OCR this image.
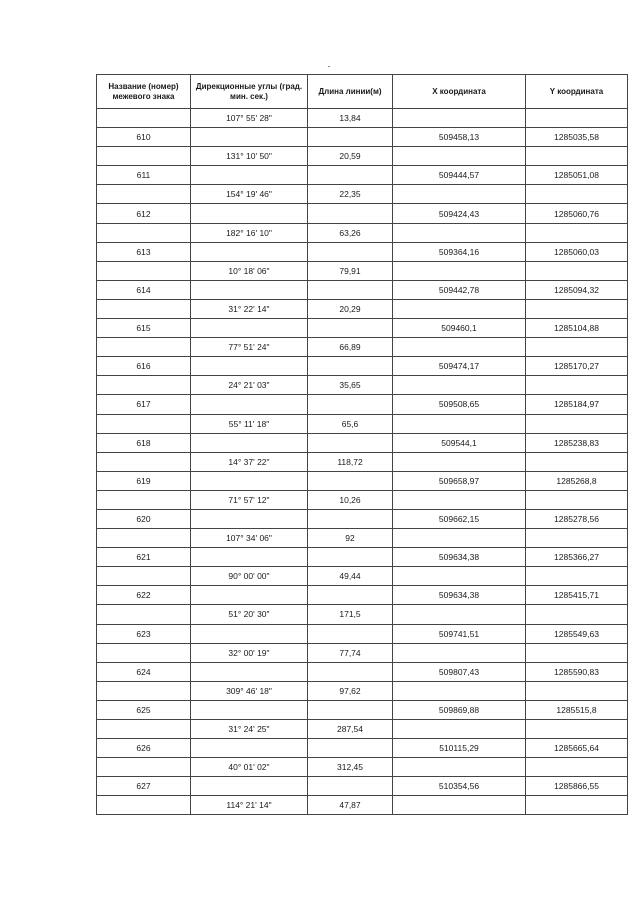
Название (номер) межевого знака	Дирекционные углы (град. мин. сек.)	Длина линии(м)	X координата	Y координата
	107° 55' 28"	13,84		
610			509458,13	1285035,58
	131° 10' 50"	20,59		
611			509444,57	1285051,08
	154° 19' 46"	22,35		
612			509424,43	1285060,76
	182° 16' 10"	63,26		
613			509364,16	1285060,03
	10° 18' 06"	79,91		
614			509442,78	1285094,32
	31° 22' 14"	20,29		
615			509460,1	1285104,88
	77° 51' 24"	66,89		
616			509474,17	1285170,27
	24° 21' 03"	35,65		
617			509508,65	1285184,97
	55° 11' 18"	65,6		
618			509544,1	1285238,83
	14° 37' 22"	118,72		
619			509658,97	1285268,8
	71° 57' 12"	10,26		
620			509662,15	1285278,56
	107° 34' 06"	92		
621			509634,38	1285366,27
	90° 00' 00"	49,44		
622			509634,38	1285415,71
	51° 20' 30"	171,5		
623			509741,51	1285549,63
	32° 00' 19"	77,74		
624			509807,43	1285590,83
	309° 46' 18"	97,62		
625			509869,88	1285515,8
	31° 24' 25"	287,54		
626			510115,29	1285665,64
	40° 01' 02"	312,45		
627			510354,56	1285866,55
	114° 21' 14"	47,87		
